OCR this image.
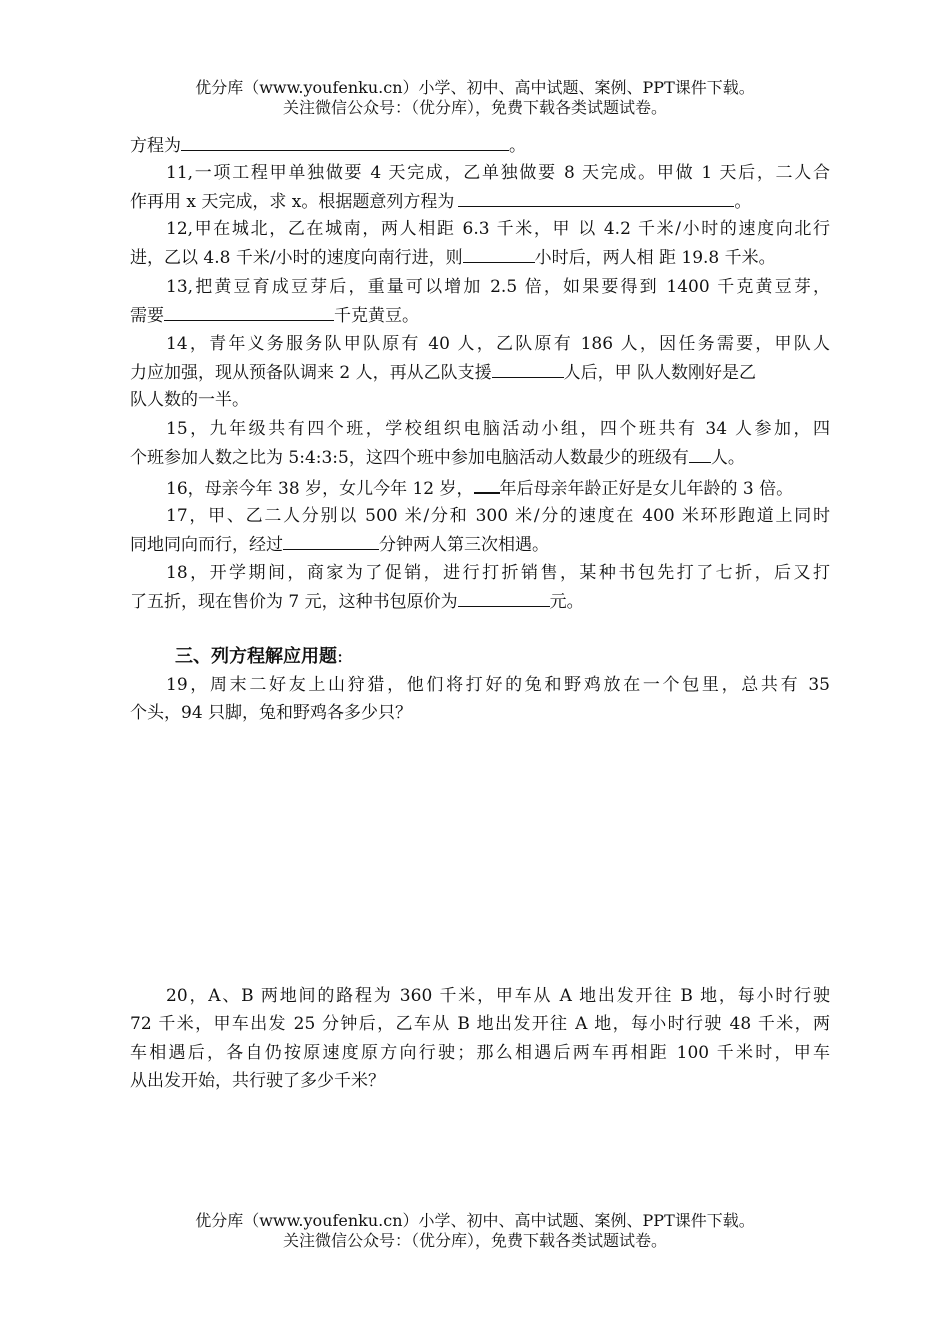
优分库（www.youfenku.cn）小学、初中、高中试题、案例、PPT课件下载。
关注微信公众号：（优分库），免费下载各类试题试卷。
方程为	。
11,一项工程甲单独做要 4 天完成，乙单独做要 8 天完成。甲做 1 天后，二人合
作再用 x 天完成，求 x。根据题意列方程为	。
12,甲在城北，乙在城南，两人相距 6.3 千米，甲 以 4.2 千米/小时的速度向北行
进，乙以 4.8 千米/小时的速度向南行进，则	小时后，两人相 距 19.8 千米。
13,把黄豆育成豆芽后，重量可以增加 2.5 倍，如果要得到 1400 千克黄豆芽，
需要	千克黄豆。
14，青年义务服务队甲队原有 40 人，乙队原有 186 人，因任务需要，甲队人
力应加强，现从预备队调来 2 人，再从乙队支援	人后，甲 队人数刚好是乙
队人数的一半。
15，九年级共有四个班，学校组织电脑活动小组，四个班共有 34 人参加，四
个班参加人数之比为 5:4:3:5，这四个班中参加电脑活动人数最少的班级有 人。
16，母亲今年 38 岁，女儿今年 12 岁， 年后母亲年龄正好是女儿年龄的 3 倍。
17，甲、乙二人分别以 500 米/分和 300 米/分的速度在 400 米环形跑道上同时
同地同向而行，经过	分钟两人第三次相遇。
18，开学期间，商家为了促销，进行打折销售，某种书包先打了七折，后又打
了五折，现在售价为 7 元，这种书包原价为	元。
三、列方程解应用题:
19，周末二好友上山狩猎，他们将打好的兔和野鸡放在一个包里，总共有 35
个头，94 只脚，兔和野鸡各多少只？
20，A、B 两地间的路程为 360 千米，甲车从 A 地出发开往 B 地，每小时行驶
72 千米，甲车出发 25 分钟后，乙车从 B 地出发开往 A 地，每小时行驶 48 千米，两
车相遇后，各自仍按原速度原方向行驶；那么相遇后两车再相距 100 千米时，甲车
从出发开始，共行驶了多少千米？
优分库（www.youfenku.cn）小学、初中、高中试题、案例、PPT课件下载。
关注微信公众号：（优分库），免费下载各类试题试卷。
